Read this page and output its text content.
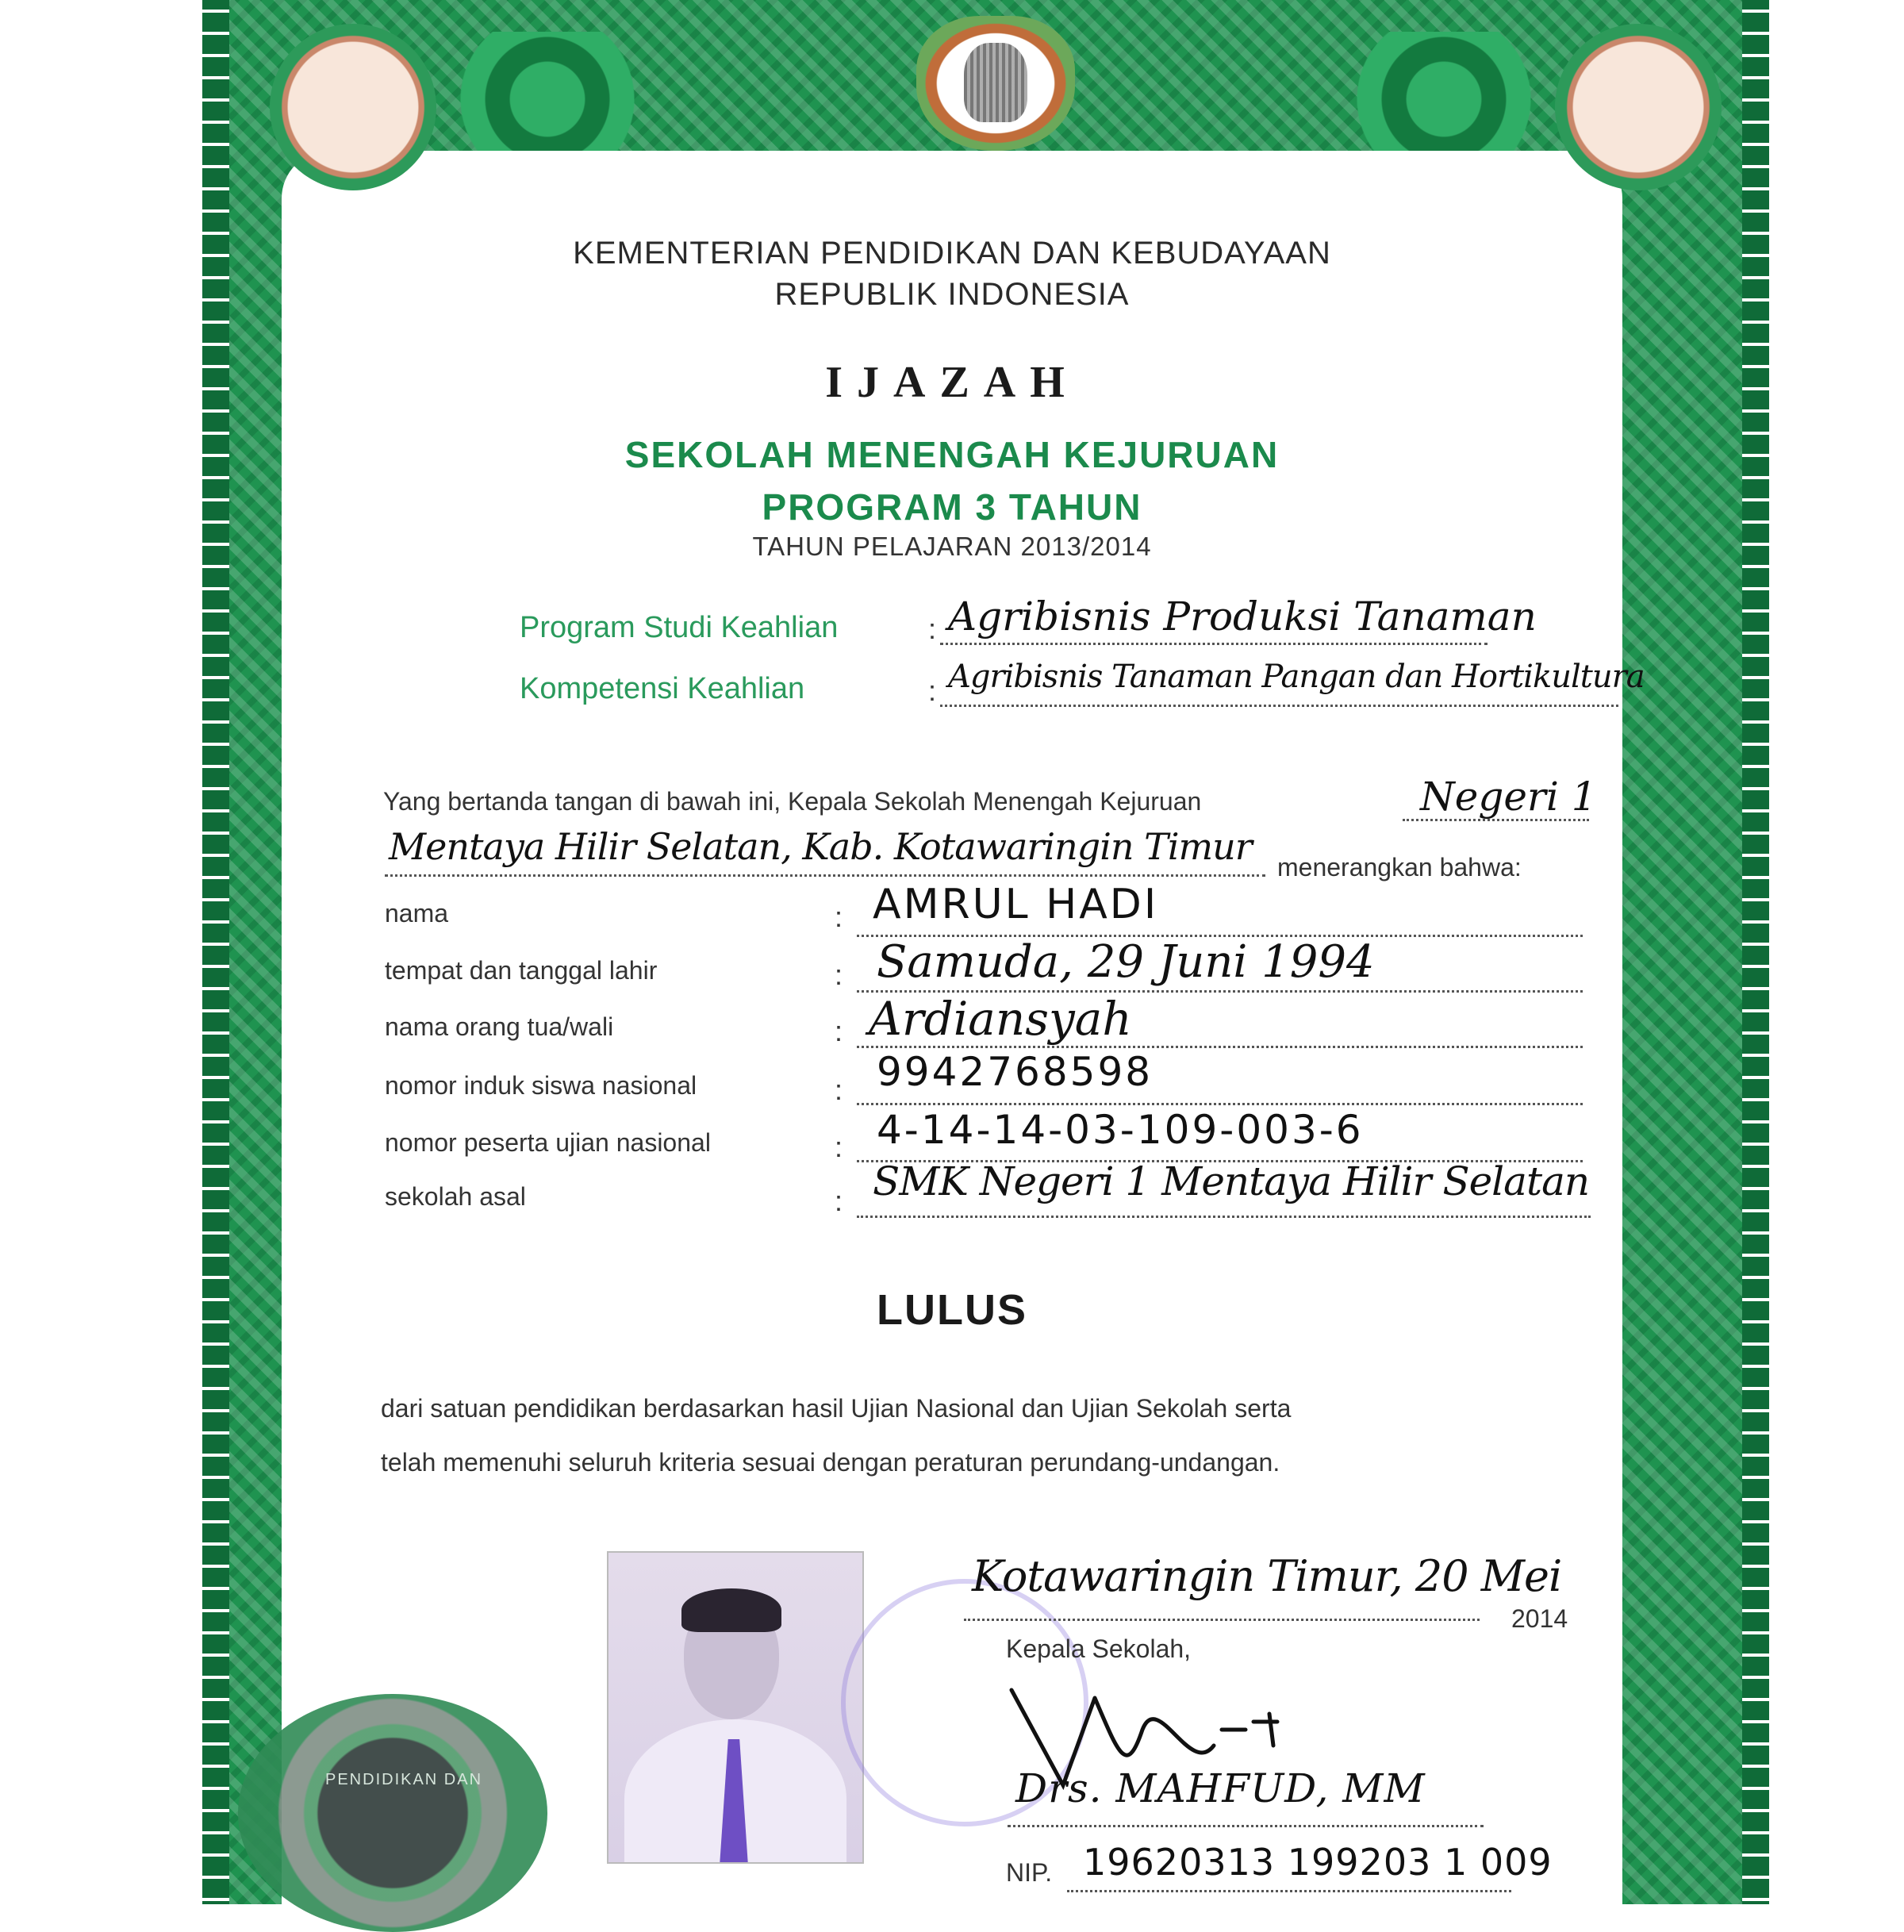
KEMENTERIAN PENDIDIKAN DAN KEBUDAYAAN
REPUBLIK INDONESIA
IJAZAH
SEKOLAH MENENGAH KEJURUAN
PROGRAM 3 TAHUN
TAHUN PELAJARAN 2013/2014
Program Studi Keahlian	: Agribisnis Produksi Tanaman
Kompetensi Keahlian	: Agribisnis Tanaman Pangan dan Hortikultura
Yang bertanda tangan di bawah ini, Kepala Sekolah Menengah Kejuruan	Negeri 1
Mentaya Hilir Selatan, Kab. Kotawaringin Timur menerangkan bahwa:
nama	: AMRUL HADI
tempat dan tanggal lahir	: Samuda, 29 Juni 1994
nama orang tua/wali	: Ardiansyah
nomor induk siswa nasional	: 9942768598
nomor peserta ujian nasional	: 4-14-14-03-109-003-6
sekolah asal	: SMK Negeri 1 Mentaya Hilir Selatan
LULUS
dari satuan pendidikan berdasarkan hasil Ujian Nasional dan Ujian Sekolah serta
telah memenuhi seluruh kriteria sesuai dengan peraturan perundang-undangan.
PENDIDIKAN DAN
Kotawaringin Timur, 20 Mei
2014
Kepala Sekolah,
Drs. MAHFUD, MM
NIP. 19620313 199203 1 009
